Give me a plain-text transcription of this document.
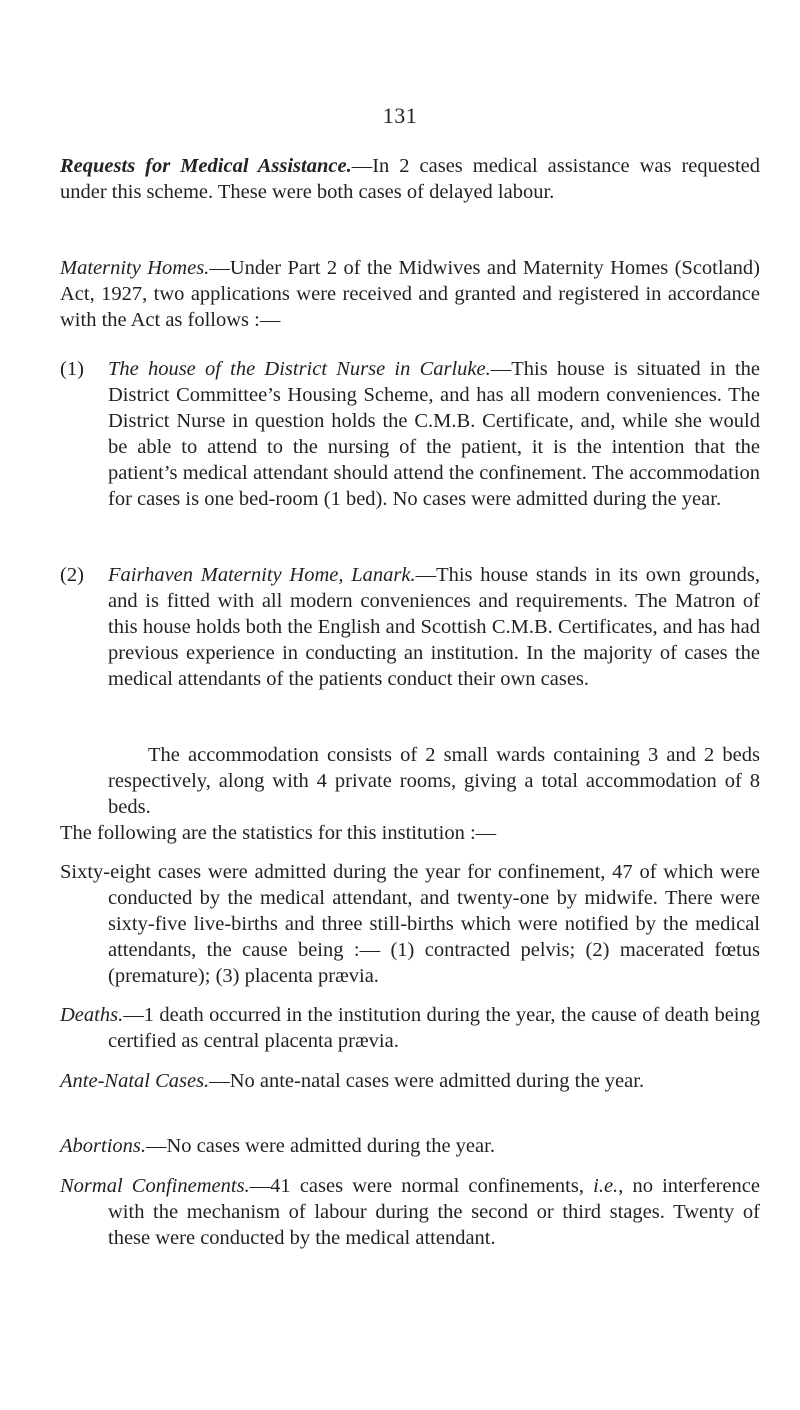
131

Requests for Medical Assistance.—In 2 cases medical assistance was requested under this scheme. These were both cases of delayed labour.

Maternity Homes.—Under Part 2 of the Midwives and Maternity Homes (Scotland) Act, 1927, two applications were received and granted and registered in accordance with the Act as follows :—

(1) The house of the District Nurse in Carluke.—This house is situated in the District Committee’s Housing Scheme, and has all modern conveniences. The District Nurse in question holds the C.M.B. Certificate, and, while she would be able to attend to the nursing of the patient, it is the intention that the patient’s medical attendant should attend the confinement. The accommodation for cases is one bed-room (1 bed). No cases were admitted during the year.

(2) Fairhaven Maternity Home, Lanark.—This house stands in its own grounds, and is fitted with all modern conveniences and requirements. The Matron of this house holds both the English and Scottish C.M.B. Certificates, and has had previous experience in conducting an institution. In the majority of cases the medical attendants of the patients conduct their own cases.

The accommodation consists of 2 small wards containing 3 and 2 beds respectively, along with 4 private rooms, giving a total accommodation of 8 beds.

The following are the statistics for this institution :—

Sixty-eight cases were admitted during the year for confinement, 47 of which were conducted by the medical attendant, and twenty-one by midwife. There were sixty-five live-births and three still-births which were notified by the medical attendants, the cause being :— (1) contracted pelvis; (2) macerated fœtus (premature); (3) placenta prævia.

Deaths.—1 death occurred in the institution during the year, the cause of death being certified as central placenta prævia.

Ante-Natal Cases.—No ante-natal cases were admitted during the year.

Abortions.—No cases were admitted during the year.

Normal Confinements.—41 cases were normal confinements, i.e., no interference with the mechanism of labour during the second or third stages. Twenty of these were conducted by the medical attendant.
